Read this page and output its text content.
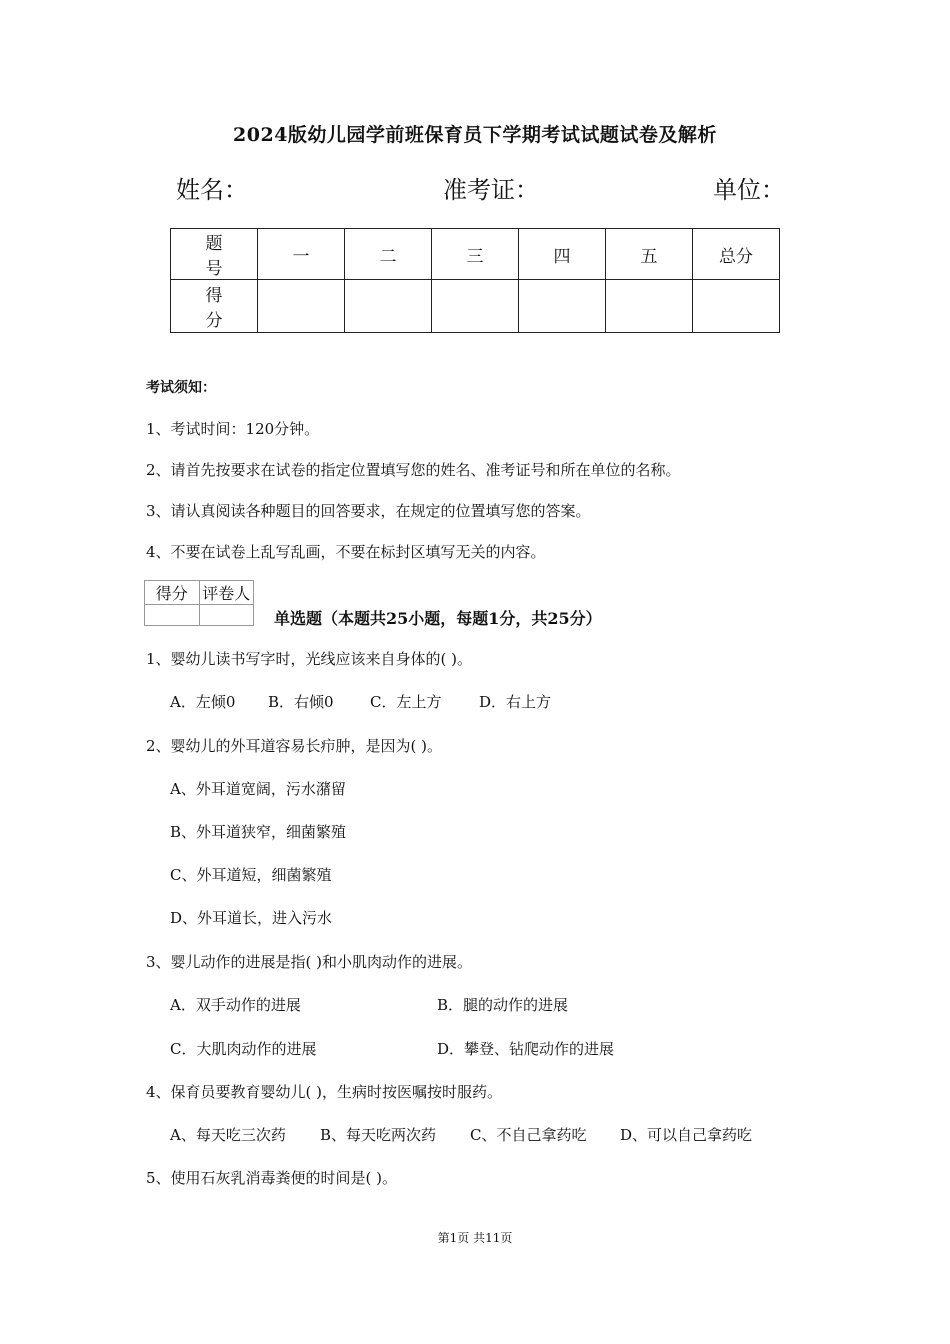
2024版幼儿园学前班保育员下学期考试试题试卷及解析
姓名：	准考证：	单位：
题 号	一	二	三	四	五	总分
得 分						
考试须知：
1、考试时间：120分钟。
2、请首先按要求在试卷的指定位置填写您的姓名、准考证号和所在单位的名称。
3、请认真阅读各种题目的回答要求，在规定的位置填写您的答案。
4、不要在试卷上乱写乱画，不要在标封区填写无关的内容。
得分	评卷人

单选题（本题共25小题，每题1分，共25分）
1、婴幼儿读书写字时，光线应该来自身体的( )。
A．左倾0 B．右倾0 C．左上方	D．右上方
2、婴幼儿的外耳道容易长疖肿，是因为( )。
A、外耳道宽阔，污水潴留
B、外耳道狭窄，细菌繁殖
C、外耳道短，细菌繁殖
D、外耳道长，进入污水
3、婴儿动作的进展是指( )和小肌肉动作的进展。
A．双手动作的进展	B．腿的动作的进展
C．大肌肉动作的进展	D．攀登、钻爬动作的进展
4、保育员要教育婴幼儿( )，生病时按医嘱按时服药。
A、每天吃三次药 B、每天吃两次药 C、不自己拿药吃 D、可以自己拿药吃
5、使用石灰乳消毒粪便的时间是( )。
第1页 共11页
